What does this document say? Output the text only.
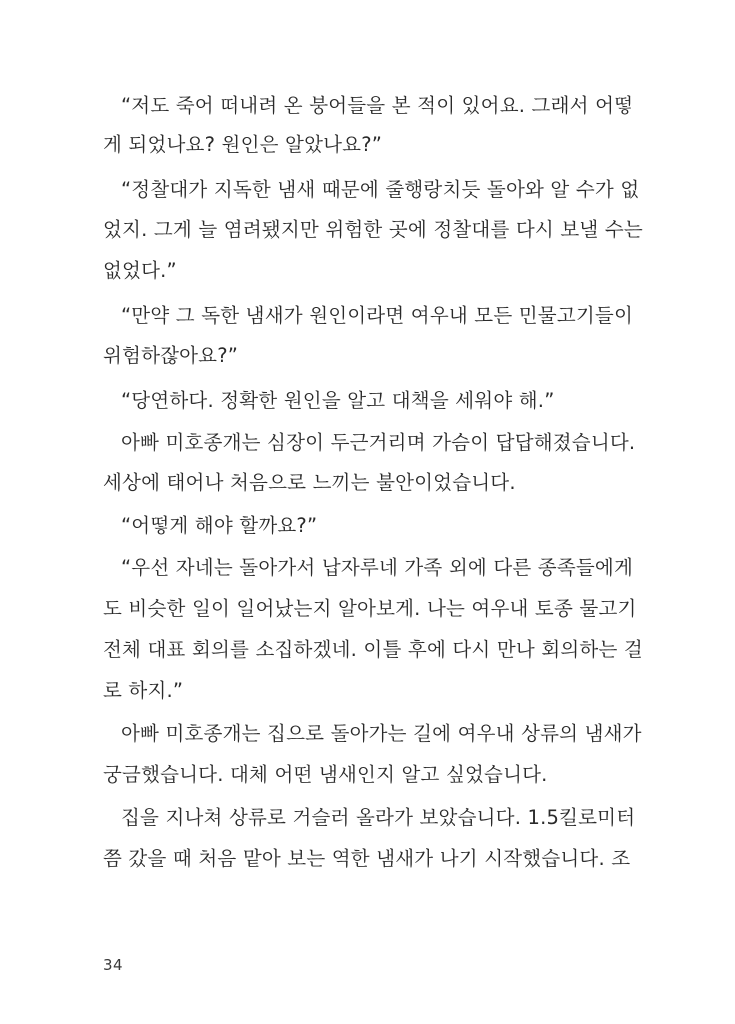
“저도 죽어 떠내려 온 붕어들을 본 적이 있어요. 그래서 어떻
게 되었나요? 원인은 알았나요?”
“정찰대가 지독한 냄새 때문에 줄행랑치듯 돌아와 알 수가 없
었지. 그게 늘 염려됐지만 위험한 곳에 정찰대를 다시 보낼 수는
없었다.”
“만약 그 독한 냄새가 원인이라면 여우내 모든 민물고기들이
위험하잖아요?”
“당연하다. 정확한 원인을 알고 대책을 세워야 해.”
아빠 미호종개는 심장이 두근거리며 가슴이 답답해졌습니다.
세상에 태어나 처음으로 느끼는 불안이었습니다.
“어떻게 해야 할까요?”
“우선 자네는 돌아가서 납자루네 가족 외에 다른 종족들에게
도 비슷한 일이 일어났는지 알아보게. 나는 여우내 토종 물고기
전체 대표 회의를 소집하겠네. 이틀 후에 다시 만나 회의하는 걸
로 하지.”
아빠 미호종개는 집으로 돌아가는 길에 여우내 상류의 냄새가
궁금했습니다. 대체 어떤 냄새인지 알고 싶었습니다.
집을 지나쳐 상류로 거슬러 올라가 보았습니다. 1.5킬로미터
쯤 갔을 때 처음 맡아 보는 역한 냄새가 나기 시작했습니다. 조
34
